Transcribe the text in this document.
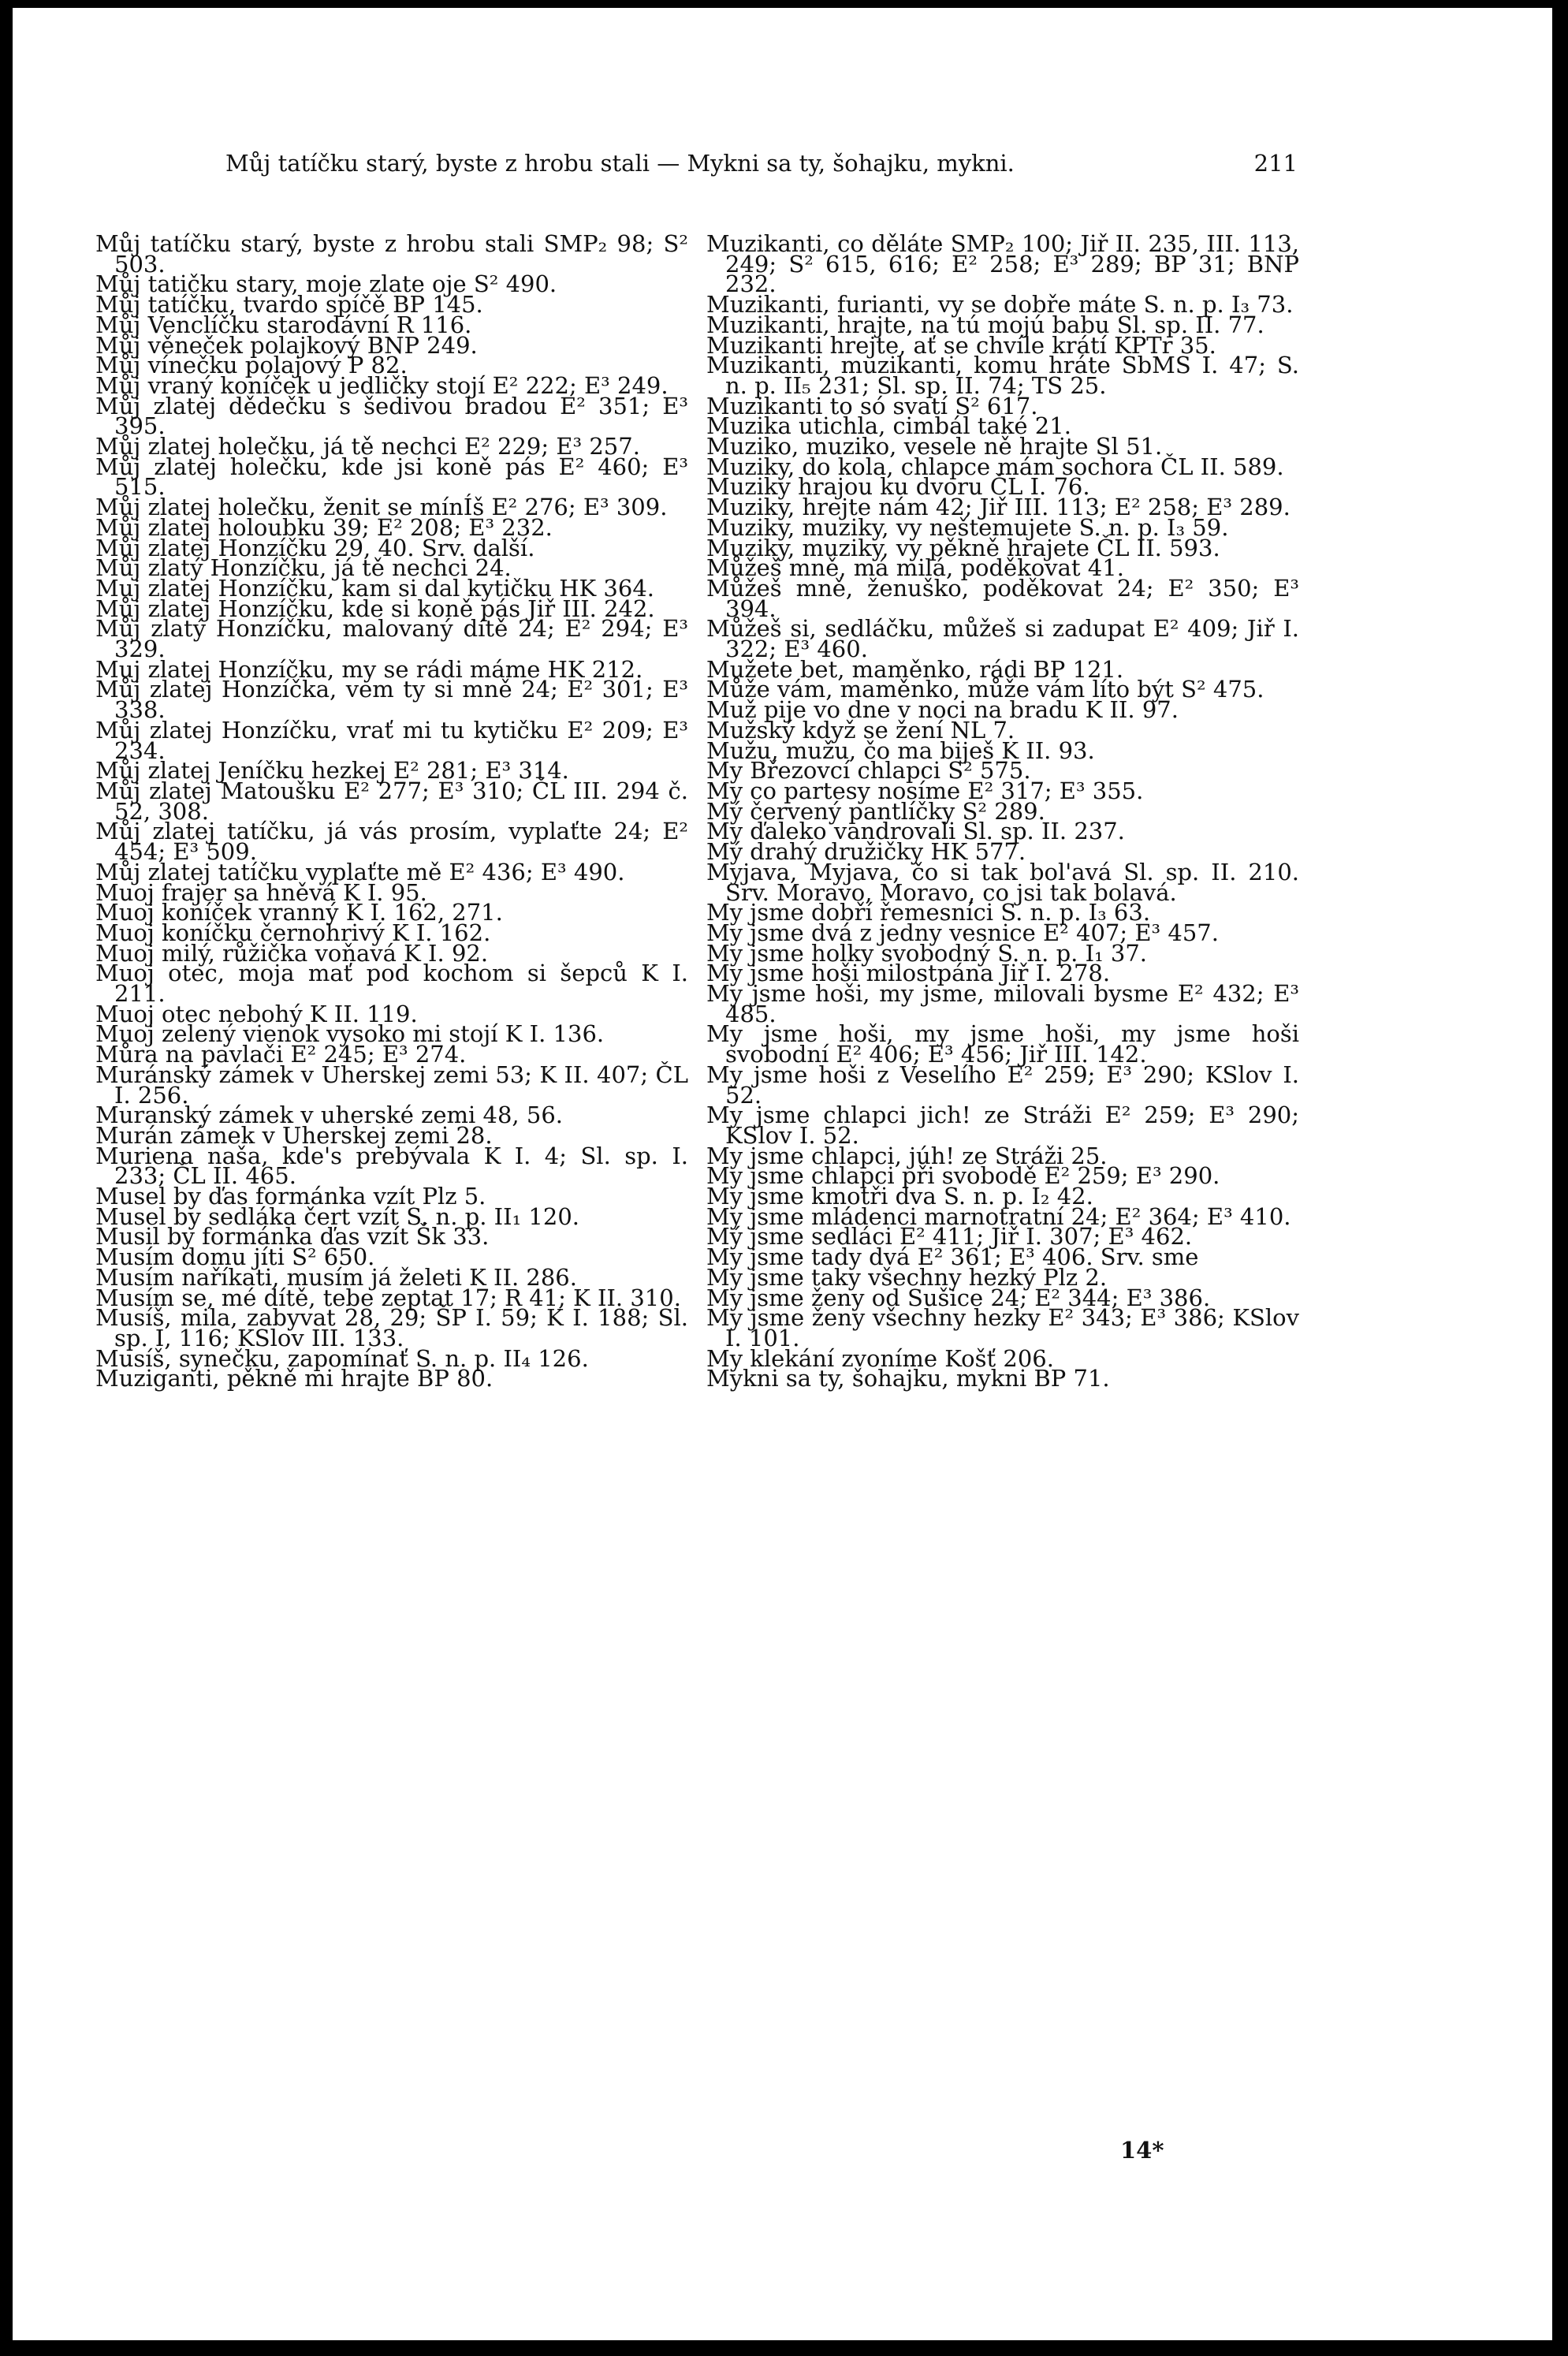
Můj tatíčku starý, byste z hrobu stali — Mykni sa ty, šohajku, mykni.	211
Můj tatíčku starý, byste z hrobu stali SMP₂ 98; S² 503.
Můj tatičku stary, moje zlate oje S² 490.
Můj tatíčku, tvardo spíčě BP 145.
Můj Venclíčku starodávní R 116.
Můj věneček polajkový BNP 249.
Můj vínečku polajový P 82.
Můj vraný koníček u jedličky stojí E² 222; E³ 249.
Můj zlatej dědečku s šedivou bradou E² 351; E³ 395.
Můj zlatej holečku, já tě nechci E² 229; E³ 257.
Můj zlatej holečku, kde jsi koně pás E² 460; E³ 515.
Můj zlatej holečku, ženit se mínÍš E² 276; E³ 309.
Můj zlatej holoubku 39; E² 208; E³ 232.
Můj zlatej Honzíčku 29, 40. Srv. další.
Můj zlatý Honzíčku, já tě nechci 24.
Muj zlatej Honzíčku, kam si dal kytičku HK 364.
Můj zlatej Honzíčku, kde si koně pás Jiř III. 242.
Můj zlatý Honzíčku, malovaný dítě 24; E² 294; E³ 329.
Muj zlatej Honzíčku, my se rádi máme HK 212.
Můj zlatej Honzíčka, vem ty si mně 24; E² 301; E³ 338.
Můj zlatej Honzíčku, vrať mi tu kytičku E² 209; E³ 234.
Můj zlatej Jeníčku hezkej E² 281; E³ 314.
Můj zlatej Matoušku E² 277; E³ 310; ČL III. 294 č. 52, 308.
Můj zlatej tatíčku, já vás prosím, vyplaťte 24; E² 454; E³ 509.
Můj zlatej tatíčku vyplaťte mě E² 436; E³ 490.
Muoj frajer sa hněvá K I. 95.
Muoj koníček vranný K I. 162, 271.
Muoj koníčku černohrivý K I. 162.
Muoj milý, růžička voňavá K I. 92.
Muoj otec, moja mať pod kochom si šepců K I. 211.
Muoj otec nebohý K II. 119.
Muoj zelený vienok vysoko mi stojí K I. 136.
Můra na pavlači E² 245; E³ 274.
Muránský zámek v Uherskej zemi 53; K II. 407; ČL I. 256.
Muranský zámek v uherské zemi 48, 56.
Murán zámek v Uherskej zemi 28.
Muriena naša, kde's prebývala K I. 4; Sl. sp. I. 233; ČL II. 465.
Musel by ďas formánka vzít Plz 5.
Musel by sedláka čert vzít S. n. p. II₁ 120.
Musil by formánka ďas vzít Šk 33.
Musím domu jíti S² 650.
Musím naříkati, musím já želeti K II. 286.
Musím se, mé dítě, tebe zeptat 17; R 41; K II. 310.
Musíš, mila, zabyvat 28, 29; ŠP I. 59; K I. 188; Sl. sp. I, 116; KSlov III. 133.
Musíš, synečku, zapomínať S. n. p. II₄ 126.
Muziganti, pěkně mi hrajte BP 80.
Muzikanti, co děláte SMP₂ 100; Jiř II. 235, III. 113, 249; S² 615, 616; E² 258; E³ 289; BP 31; BNP 232.
Muzikanti, furianti, vy se dobře máte S. n. p. I₃ 73.
Muzikanti, hrajte, na tú mojú babu Sl. sp. II. 77.
Muzikanti hrejte, ať se chvíle krátí KPTr 35.
Muzikanti, muzikanti, komu hráte SbMS I. 47; S. n. p. II₅ 231; Sl. sp. II. 74; TS 25.
Muzikanti to só svatí S² 617.
Muzika utichla, cimbál také 21.
Muziko, muziko, vesele ně hrajte Sl 51.
Muziky, do kola, chlapce mám sochora ČL II. 589.
Muziky hrajou ku dvoru ČL I. 76.
Muziky, hrejte nám 42; Jiř III. 113; E² 258; E³ 289.
Muziky, muziky, vy neštemujete S. n. p. I₃ 59.
Muziky, muziky, vy pěkně hrajete ČL II. 593.
Můžeš mně, má milá, poděkovat 41.
Můžeš mně, ženuško, poděkovat 24; E² 350; E³ 394.
Můžeš si, sedláčku, můžeš si zadupat E² 409; Jiř I. 322; E³ 460.
Mužete bet, maměnko, rádi BP 121.
Může vám, maměnko, může vám líto být S² 475.
Muž pije vo dne v noci na bradu K II. 97.
Mužský když se žení NL 7.
Mužu, mužu, čo ma biješ K II. 93.
My Březovcí chlapci S² 575.
My co partesy nosíme E² 317; E³ 355.
Mý červený pantlíčky S² 289.
My ďaleko vandrovali Sl. sp. II. 237.
Mý drahý družičky HK 577.
Myjava, Myjava, čo si tak bol'avá Sl. sp. II. 210. Srv. Moravo, Moravo, co jsi tak bolavá.
My jsme dobří řemesníci S. n. p. I₃ 63.
My jsme dvá z jedny vesnice E² 407; E³ 457.
My jsme holky svobodný S. n. p. I₁ 37.
My jsme hoši milostpána Jiř I. 278.
My jsme hoši, my jsme, milovali bysme E² 432; E³ 485.
My jsme hoši, my jsme hoši, my jsme hoši svobodní E² 406; E³ 456; Jiř III. 142.
My jsme hoši z Veselího E² 259; E³ 290; KSlov I. 52.
My jsme chlapci jich! ze Stráži E² 259; E³ 290; KSlov I. 52.
My jsme chlapci, júh! ze Stráži 25.
My jsme chlapci při svobodě E² 259; E³ 290.
My jsme kmotři dva S. n. p. I₂ 42.
My jsme mládenci marnotratní 24; E² 364; E³ 410.
Mý jsme sedláci E² 411; Jiř I. 307; E³ 462.
My jsme tady dvá E² 361; E³ 406. Srv. sme
My jsme taky všechny hezký Plz 2.
My jsme ženy od Sušice 24; E² 344; E³ 386.
My jsme ženy všechny hezky E² 343; E³ 386; KSlov I. 101.
My klekání zvoníme Košť 206.
Mykni sa ty, šohajku, mykni BP 71.
14*
